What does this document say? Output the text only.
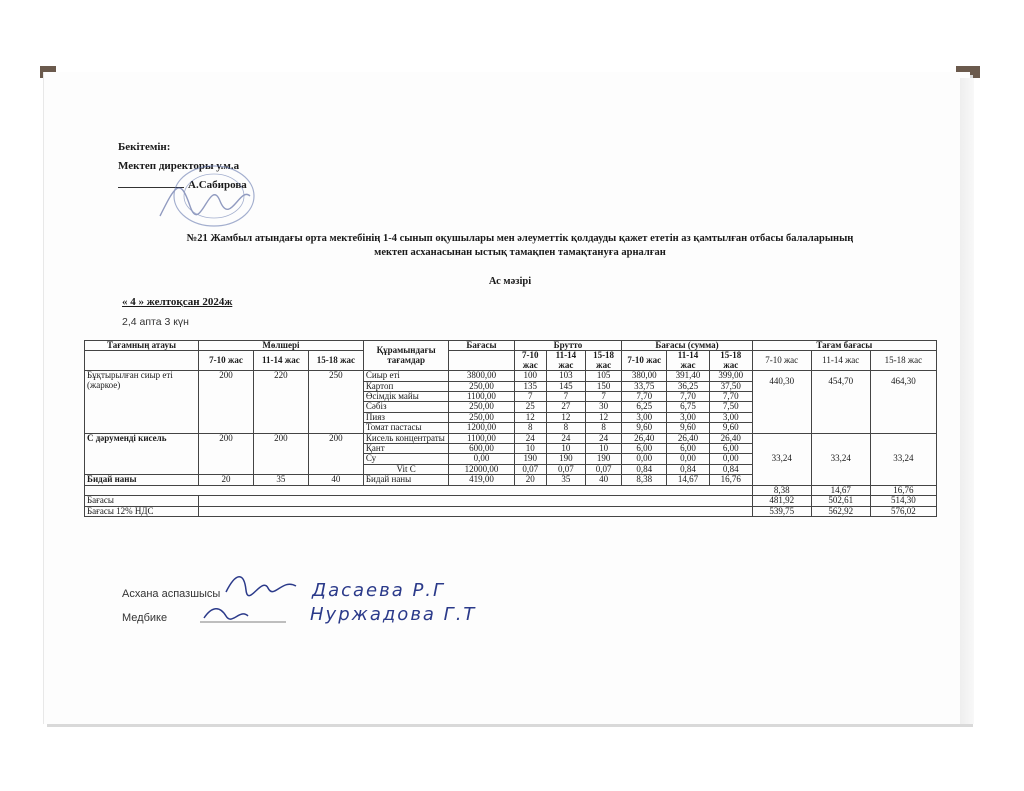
Бекітемін:
Мектеп директоры у.м.а
А.Сабирова
№21 Жамбыл атындағы орта мектебінің 1-4 сынып оқушылары мен әлеуметтік қолдауды қажет ететін аз қамтылған отбасы балаларының
мектеп асханасынан ыстық тамақпен тамақтануға арналған
Ас мәзірі
« 4 » желтоқсан 2024ж
2,4 апта 3 күн
Тағамның атауы	Мөлшері			Құрамындағы тағамдар	Бағасы	Брутто			Бағасы (сумма)			Тағам бағасы		
	7-10 жас	11-14 жас	15-18 жас			7-10 жас	11-14 жас	15-18 жас	7-10 жас	11-14 жас	15-18 жас	7-10 жас	11-14 жас	15-18 жас

Бұқтырылған сиыр еті (жаркое)	200	220	250	Сиыр еті	3800,00	100	103	105	380,00	391,40	399,00	440,30	454,70	464,30
				Картоп	250,00	135	145	150	33,75	36,25	37,50			
				Өсімдік майы	1100,00	7	7	7	7,70	7,70	7,70			
				Сәбіз	250,00	25	27	30	6,25	6,75	7,50			
				Пияз	250,00	12	12	12	3,00	3,00	3,00			
				Томат пастасы	1200,00	8	8	8	9,60	9,60	9,60			
С дәруменді кисель	200	200	200	Кисель концентраты	1100,00	24	24	24	26,40	26,40	26,40	33,24	33,24	33,24

				Қант	600,00	10	10	10	6,00	6,00	6,00			
				Су	0,00	190	190	190	0,00	0,00	0,00			
				Vit C	12000,00	0,07	0,07	0,07	0,84	0,84	0,84			
Бидай наны	20	35	40	Бидай наны	419,00	20	35	40	8,38	14,67	16,76			
												8,38	14,67	16,76
Бағасы												481,92	502,61	514,30
Бағасы 12% НДС												539,75	562,92	576,02
Асхана аспазшысы	Дасаева Р.Г
Медбике	Нуржадова Г.Т
